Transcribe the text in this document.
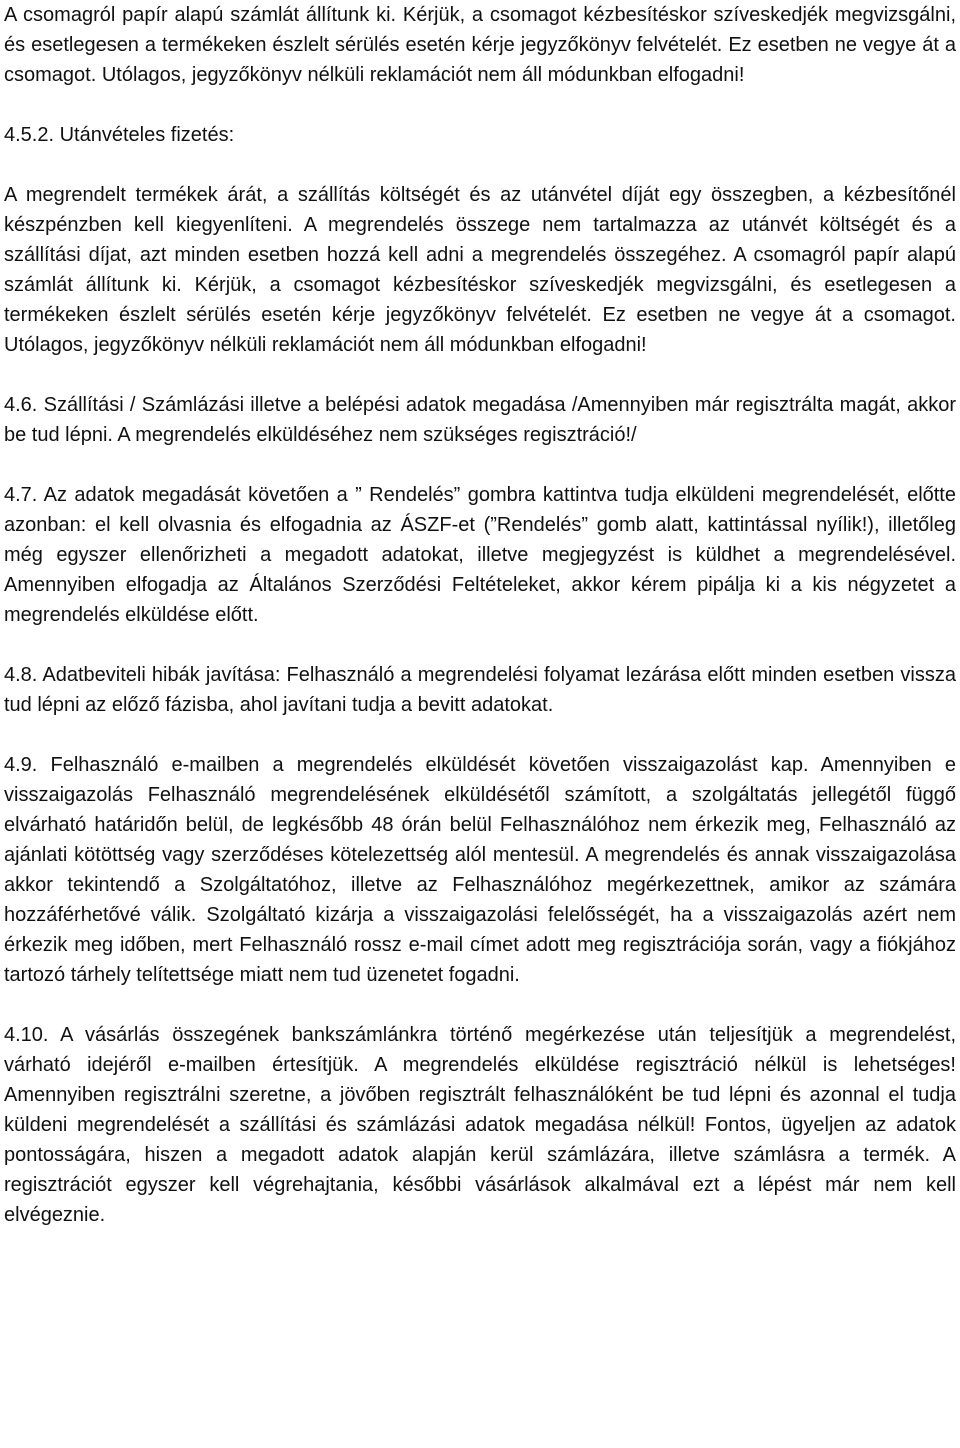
A csomagról papír alapú számlát állítunk ki. Kérjük, a csomagot kézbesítéskor szíveskedjék megvizsgálni, és esetlegesen a termékeken észlelt sérülés esetén kérje jegyzőkönyv felvételét. Ez esetben ne vegye át a csomagot. Utólagos, jegyzőkönyv nélküli reklamációt nem áll módunkban elfogadni!

4.5.2. Utánvételes fizetés:

A megrendelt termékek árát, a szállítás költségét és az utánvétel díját egy összegben, a kézbesítőnél készpénzben kell kiegyenlíteni. A megrendelés összege nem tartalmazza az utánvét költségét és a szállítási díjat, azt minden esetben hozzá kell adni a megrendelés összegéhez. A csomagról papír alapú számlát állítunk ki. Kérjük, a csomagot kézbesítéskor szíveskedjék megvizsgálni, és esetlegesen a termékeken észlelt sérülés esetén kérje jegyzőkönyv felvételét. Ez esetben ne vegye át a csomagot. Utólagos, jegyzőkönyv nélküli reklamációt nem áll módunkban elfogadni!

4.6. Szállítási / Számlázási illetve a belépési adatok megadása /Amennyiben már regisztrálta magát, akkor be tud lépni. A megrendelés elküldéséhez nem szükséges regisztráció!/

4.7. Az adatok megadását követően a ” Rendelés” gombra kattintva tudja elküldeni megrendelését, előtte azonban: el kell olvasnia és elfogadnia az ÁSZF-et (”Rendelés” gomb alatt, kattintással nyílik!), illetőleg még egyszer ellenőrizheti a megadott adatokat, illetve megjegyzést is küldhet a megrendelésével. Amennyiben elfogadja az Általános Szerződési Feltételeket, akkor kérem pipálja ki a kis négyzetet a megrendelés elküldése előtt.

4.8. Adatbeviteli hibák javítása: Felhasználó a megrendelési folyamat lezárása előtt minden esetben vissza tud lépni az előző fázisba, ahol javítani tudja a bevitt adatokat.

4.9. Felhasználó e-mailben a megrendelés elküldését követően visszaigazolást kap. Amennyiben e visszaigazolás Felhasználó megrendelésének elküldésétől számított, a szolgáltatás jellegétől függő elvárható határidőn belül, de legkésőbb 48 órán belül Felhasználóhoz nem érkezik meg, Felhasználó az ajánlati kötöttség vagy szerződéses kötelezettség alól mentesül. A megrendelés és annak visszaigazolása akkor tekintendő a Szolgáltatóhoz, illetve az Felhasználóhoz megérkezettnek, amikor az számára hozzáférhetővé válik. Szolgáltató kizárja a visszaigazolási felelősségét, ha a visszaigazolás azért nem érkezik meg időben, mert Felhasználó rossz e-mail címet adott meg regisztrációja során, vagy a fiókjához tartozó tárhely telítettsége miatt nem tud üzenetet fogadni.

4.10. A vásárlás összegének bankszámlánkra történő megérkezése után teljesítjük a megrendelést, várható idejéről e-mailben értesítjük. A megrendelés elküldése regisztráció nélkül is lehetséges! Amennyiben regisztrálni szeretne, a jövőben regisztrált felhasználóként be tud lépni és azonnal el tudja küldeni megrendelését a szállítási és számlázási adatok megadása nélkül! Fontos, ügyeljen az adatok pontosságára, hiszen a megadott adatok alapján kerül számlázára, illetve számlásra a termék. A regisztrációt egyszer kell végrehajtania, későbbi vásárlások alkalmával ezt a lépést már nem kell elvégeznie.
